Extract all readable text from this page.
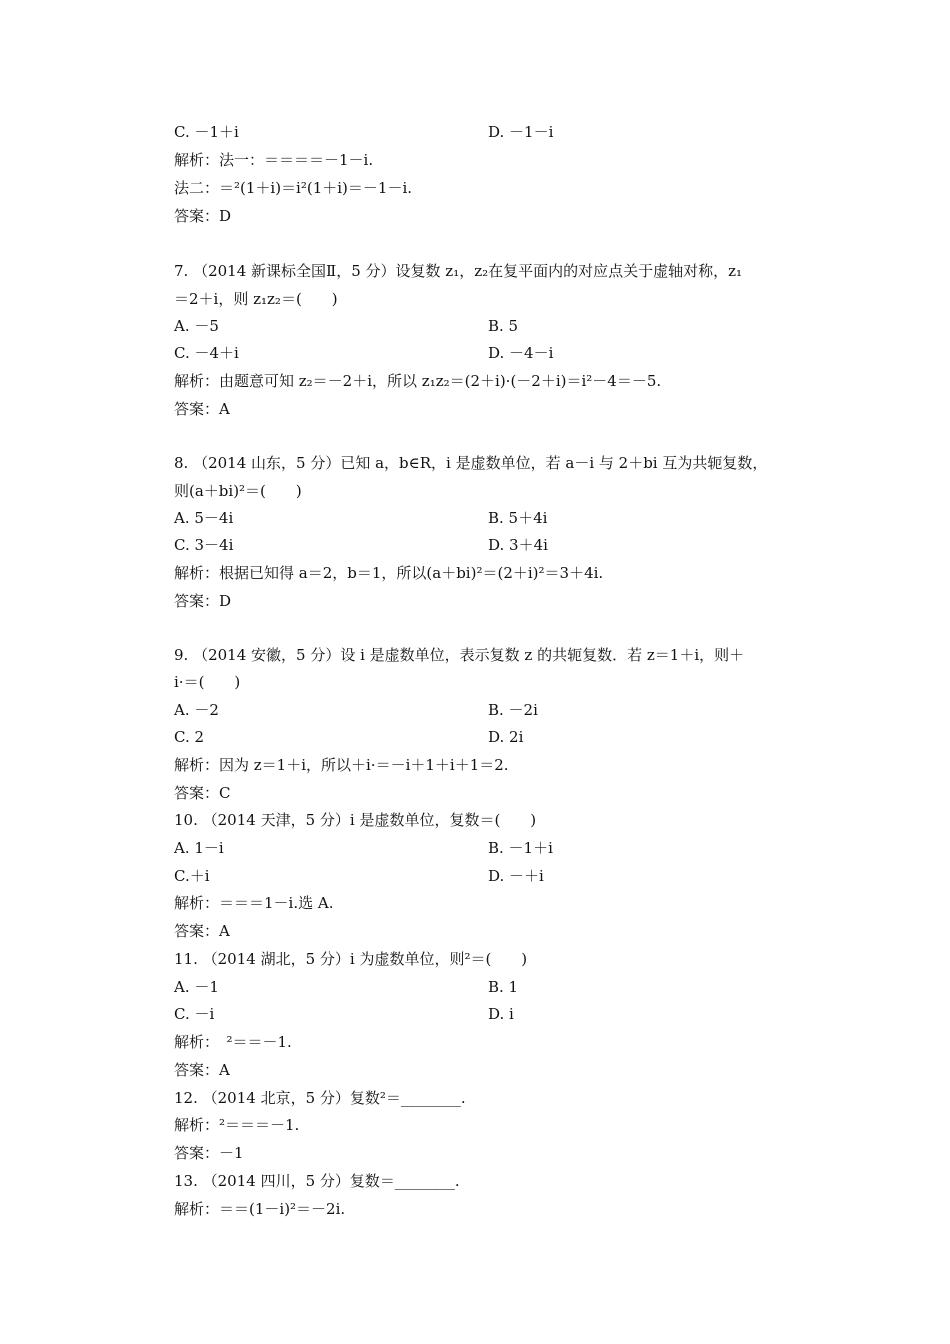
C. －1＋i	D. －1－i
解析：法一：＝＝＝＝－1－i.
法二：＝²(1＋i)＝i²(1＋i)＝－1－i.
答案：D
7. （2014 新课标全国Ⅱ，5 分）设复数 z₁，z₂在复平面内的对应点关于虚轴对称，z₁
＝2＋i，则 z₁z₂＝(　　)
A. －5	B. 5
C. －4＋i	D. －4－i
解析：由题意可知 z₂＝－2＋i，所以 z₁z₂＝(2＋i)·(－2＋i)＝i²－4＝－5.
答案：A
8. （2014 山东，5 分）已知 a，b∈R，i 是虚数单位，若 a－i 与 2＋bi 互为共轭复数，
则(a＋bi)²＝(　　)
A. 5－4i	B. 5＋4i
C. 3－4i	D. 3＋4i
解析：根据已知得 a＝2，b＝1，所以(a＋bi)²＝(2＋i)²＝3＋4i.
答案：D
9. （2014 安徽，5 分）设 i 是虚数单位，表示复数 z 的共轭复数．若 z＝1＋i，则＋
i·＝(　　)
A. －2	B. －2i
C. 2	D. 2i
解析：因为 z＝1＋i，所以＋i·＝－i＋1＋i＋1＝2.
答案：C
10. （2014 天津，5 分）i 是虚数单位，复数＝(　　)
A. 1－i	B. －1＋i
C.＋i	D. －＋i
解析：＝＝＝1－i.选 A.
答案：A
11. （2014 湖北，5 分）i 为虚数单位，则²＝(　　)
A. －1	B. 1
C. －i	D. i
解析：　²＝＝－1.
答案：A
12. （2014 北京，5 分）复数²＝________.
解析：²＝＝＝－1.
答案：－1
13. （2014 四川，5 分）复数＝________.
解析：＝＝(1－i)²＝－2i.
